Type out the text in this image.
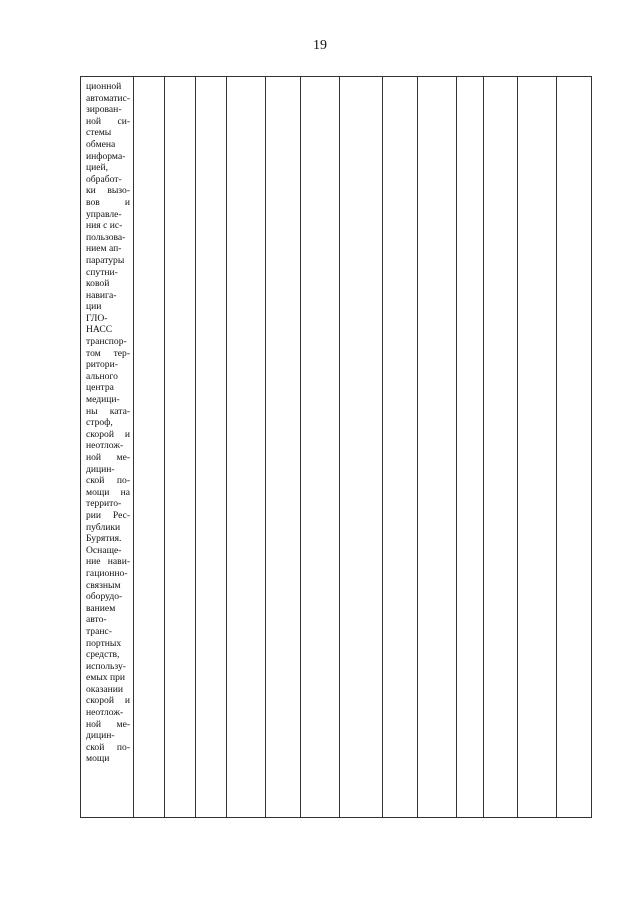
19
ционной
автоматиc-
зирован-
ной си-
стемы
обмена
информа-
цией,
обработ-
ки вызо-
вов	и
управле-
ния с ис-
пользова-
нием ап-
паратуры
спутни-
ковой
навига-
ции
ГЛО-
НАСС
транспор-
том тер-
ритори-
ального
центра
медици-
ны ката-
строф,
скорой и
неотлож-
ной ме-
дицин-
ской по-
мощи на
террито-
рии Рес-
публики
Бурятия.
Оснаще-
ние нави-
гационно-
связным
оборудо-
ванием
авто-
транс-
портных
средств,
использу-
емых при
оказании
скорой и
неотлож-
ной ме-
дицин-
ской по-
мощи
